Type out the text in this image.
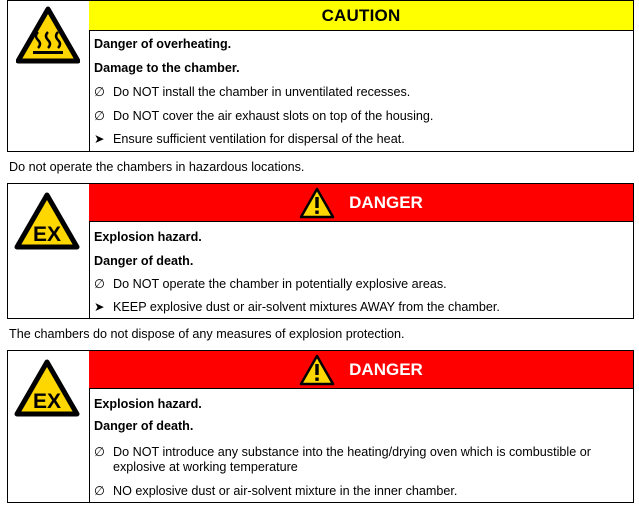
CAUTION
Danger of overheating.
Damage to the chamber.
∅ Do NOT install the chamber in unventilated recesses.
∅ Do NOT cover the air exhaust slots on top of the housing.
➤ Ensure sufficient ventilation for dispersal of the heat.
Do not operate the chambers in hazardous locations.
EX
DANGER
Explosion hazard.
Danger of death.
∅ Do NOT operate the chamber in potentially explosive areas.
➤ KEEP explosive dust or air-solvent mixtures AWAY from the chamber.
The chambers do not dispose of any measures of explosion protection.
EX
DANGER
Explosion hazard.
Danger of death.
∅ Do NOT introduce any substance into the heating/drying oven which is combustible or explosive at working temperature
∅ NO explosive dust or air-solvent mixture in the inner chamber.
